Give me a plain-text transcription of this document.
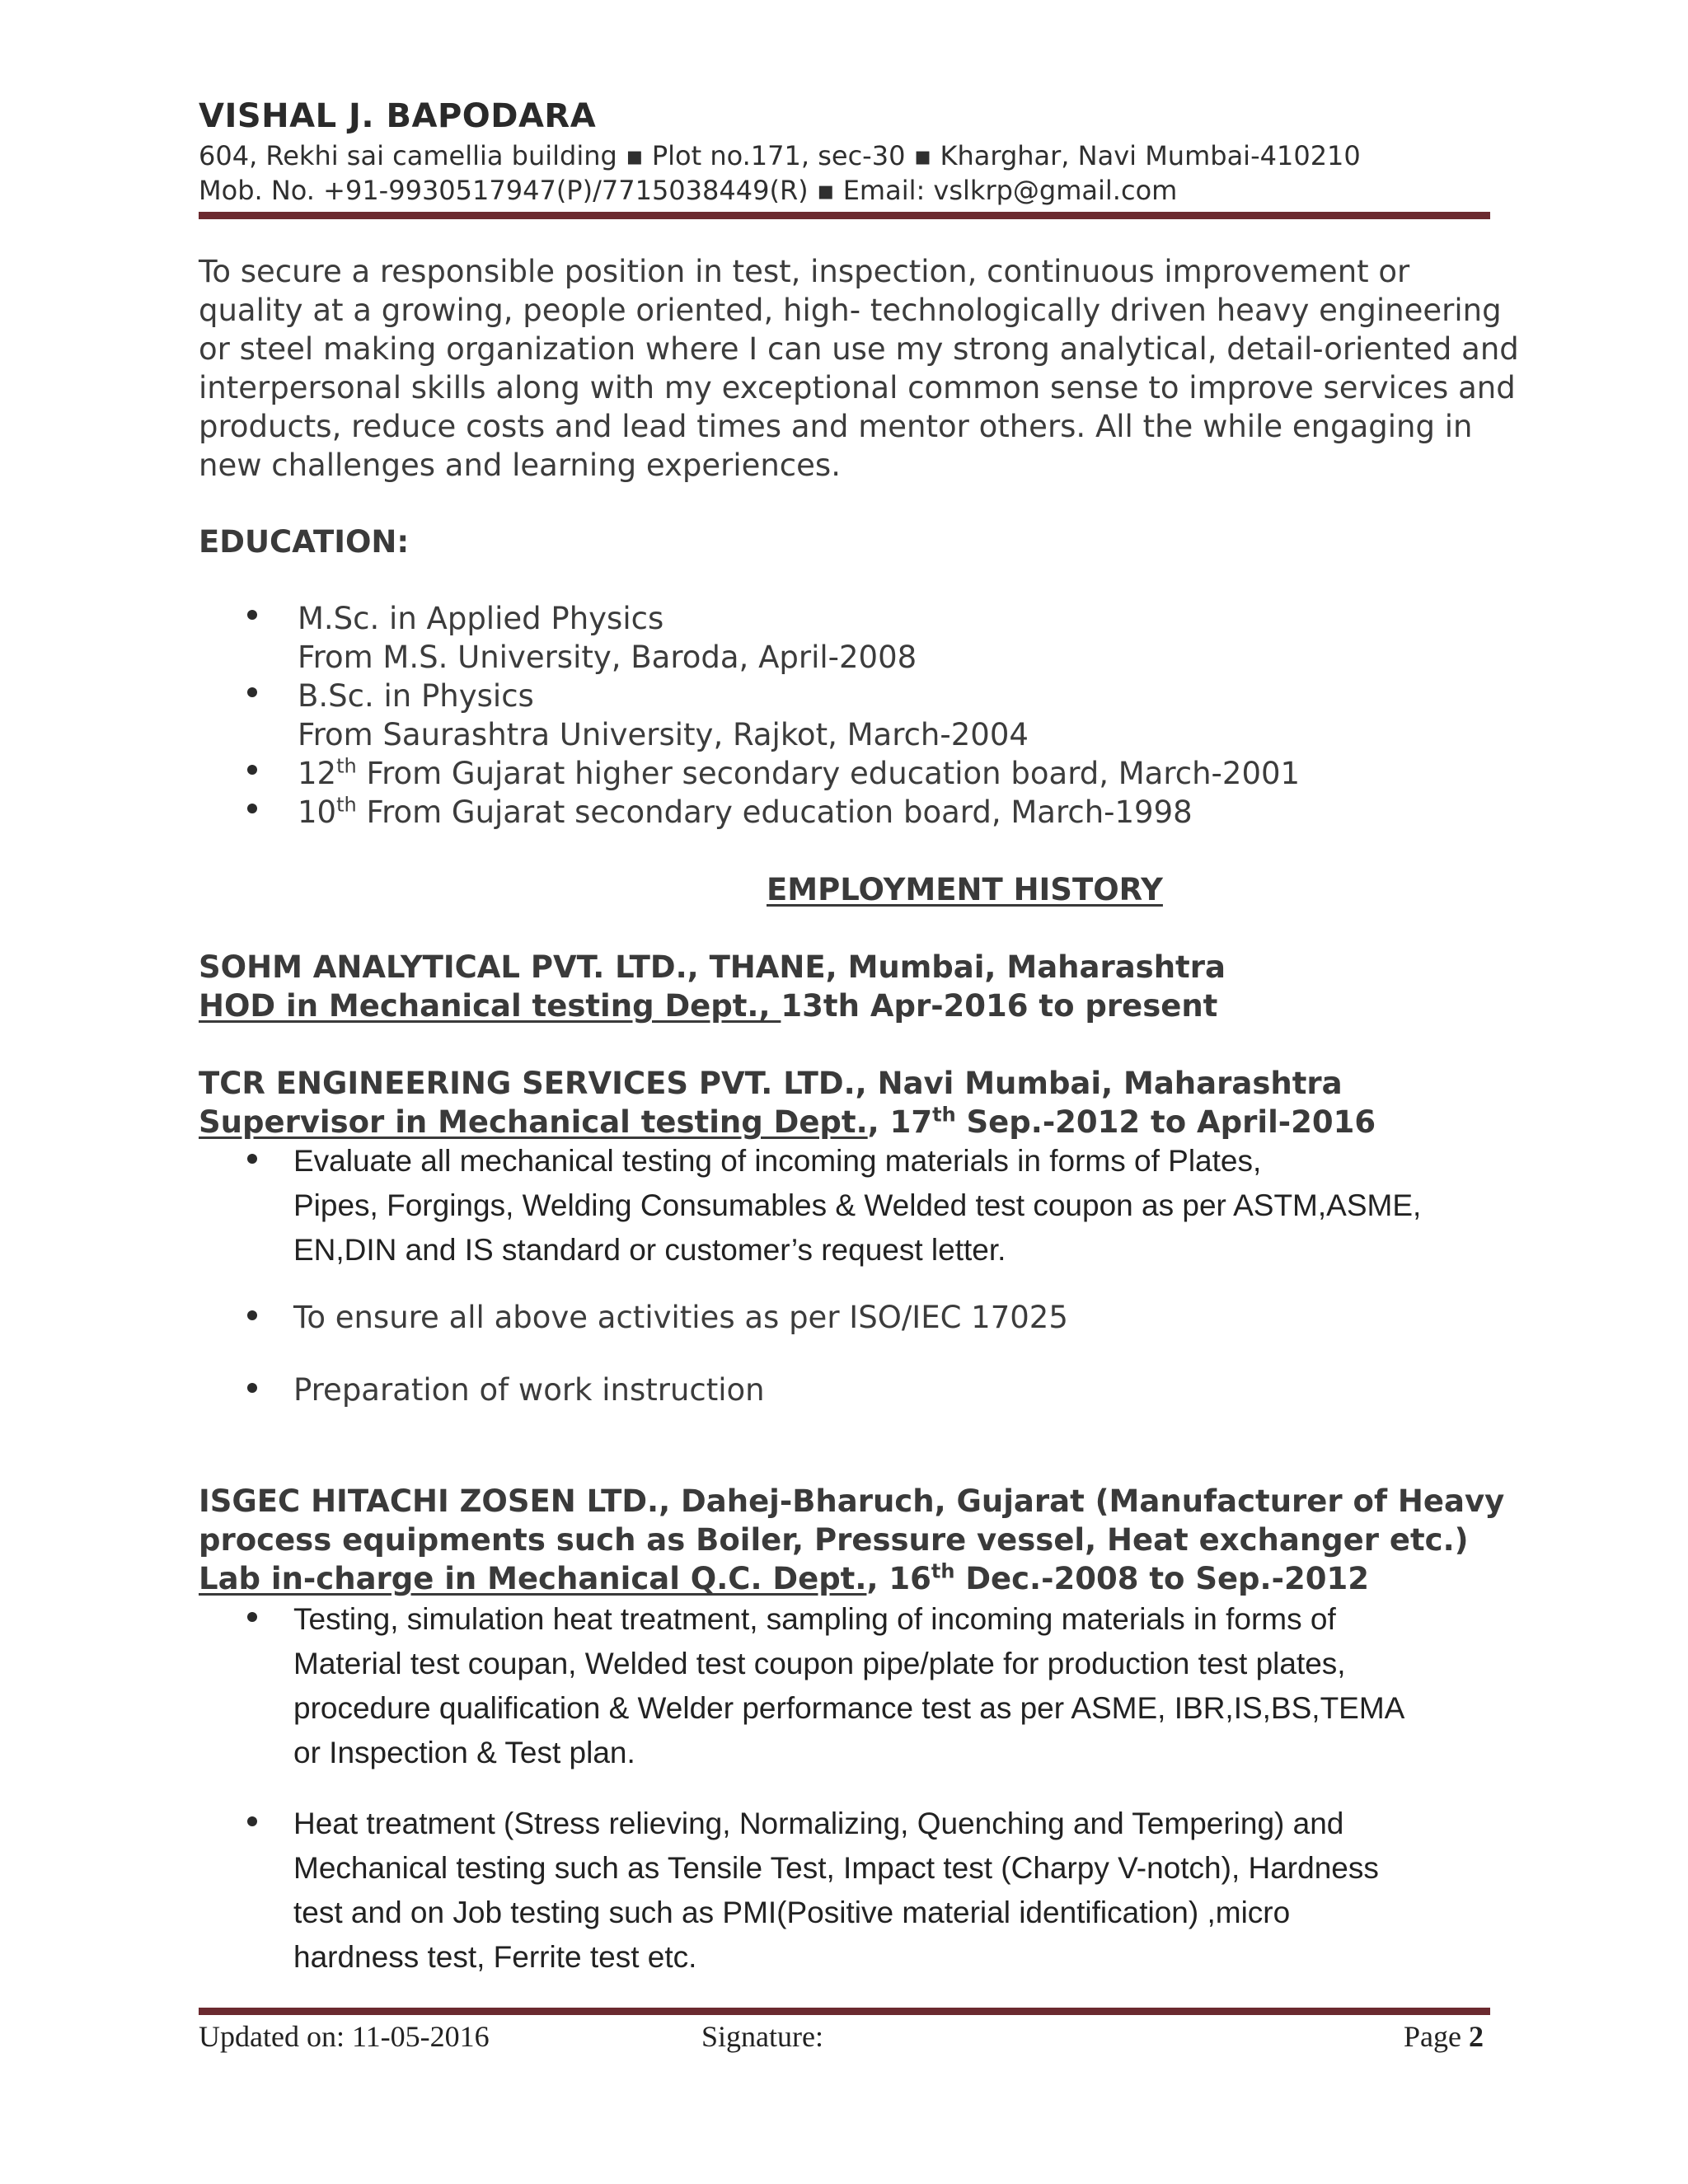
VISHAL J. BAPODARA
604, Rekhi sai camellia building ▪ Plot no.171, sec-30 ▪ Kharghar, Navi Mumbai-410210
Mob. No. +91-9930517947(P)/7715038449(R) ▪ Email: vslkrp@gmail.com
To secure a responsible position in test, inspection, continuous improvement or
quality at a growing, people oriented, high- technologically driven heavy engineering
or steel making organization where I can use my strong analytical, detail-oriented and
interpersonal skills along with my exceptional common sense to improve services and
products, reduce costs and lead times and mentor others. All the while engaging in
new challenges and learning experiences.
EDUCATION:
M.Sc. in Applied Physics
From M.S. University, Baroda, April-2008
B.Sc. in Physics
From Saurashtra University, Rajkot, March-2004
12th From Gujarat higher secondary education board, March-2001
10th From Gujarat secondary education board, March-1998
EMPLOYMENT HISTORY
SOHM ANALYTICAL PVT. LTD., THANE, Mumbai, Maharashtra
HOD in Mechanical testing Dept., 13th Apr-2016 to present
TCR ENGINEERING SERVICES PVT. LTD., Navi Mumbai, Maharashtra
Supervisor in Mechanical testing Dept., 17th Sep.-2012 to April-2016
Evaluate all mechanical testing of incoming materials in forms of Plates,
Pipes, Forgings, Welding Consumables & Welded test coupon as per ASTM,ASME,
EN,DIN and IS standard or customer’s request letter.
To ensure all above activities as per ISO/IEC 17025
Preparation of work instruction
ISGEC HITACHI ZOSEN LTD., Dahej-Bharuch, Gujarat (Manufacturer of Heavy
process equipments such as Boiler, Pressure vessel, Heat exchanger etc.)
Lab in-charge in Mechanical Q.C. Dept., 16th Dec.-2008 to Sep.-2012
Testing, simulation heat treatment, sampling of incoming materials in forms of
Material test coupan, Welded test coupon pipe/plate for production test plates,
procedure qualification & Welder performance test as per ASME, IBR,IS,BS,TEMA
or Inspection & Test plan.
Heat treatment (Stress relieving, Normalizing, Quenching and Tempering) and
Mechanical testing such as Tensile Test, Impact test (Charpy V-notch), Hardness
test and on Job testing such as PMI(Positive material identification) ,micro
hardness test, Ferrite test etc.
Updated on: 11-05-2016	Signature:	Page 2
